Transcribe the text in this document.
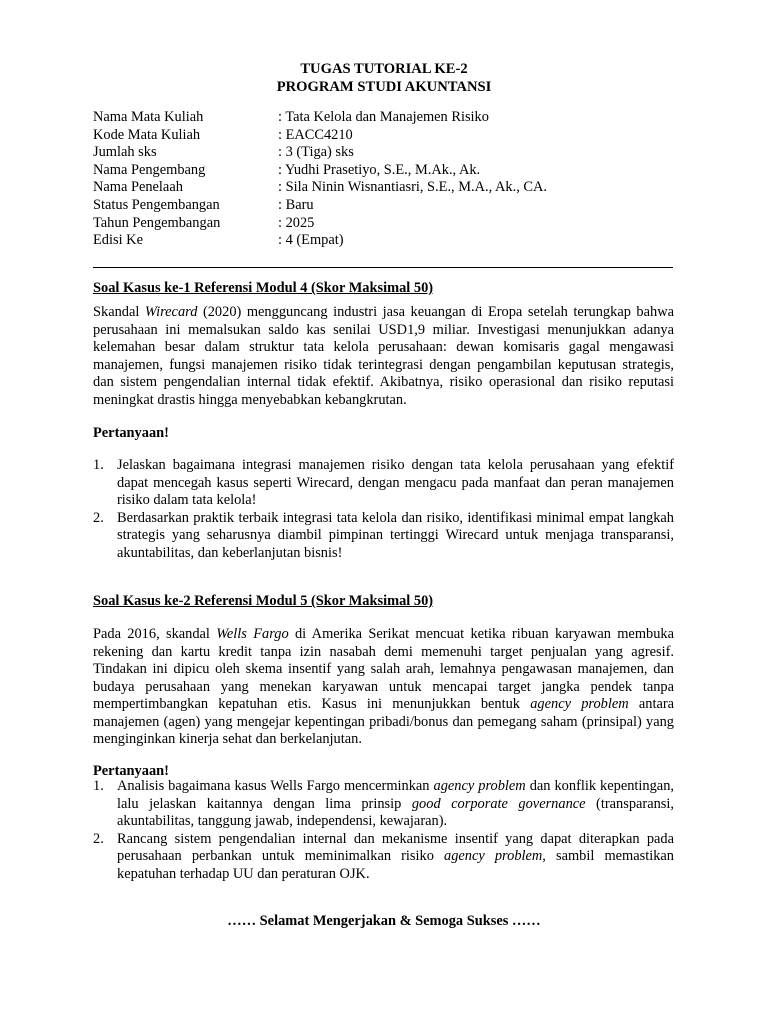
TUGAS TUTORIAL KE-2
PROGRAM STUDI AKUNTANSI
Nama Mata Kuliah	: Tata Kelola dan Manajemen Risiko
Kode Mata Kuliah	: EACC4210
Jumlah sks	: 3 (Tiga) sks
Nama Pengembang	: Yudhi Prasetiyo, S.E., M.Ak., Ak.
Nama Penelaah	: Sila Ninin Wisnantiasri, S.E., M.A., Ak., CA.
Status Pengembangan	: Baru
Tahun Pengembangan	: 2025
Edisi Ke	: 4 (Empat)
Soal Kasus ke-1 Referensi Modul 4 (Skor Maksimal 50)
Skandal Wirecard (2020) mengguncang industri jasa keuangan di Eropa setelah terungkap bahwa perusahaan ini memalsukan saldo kas senilai USD1,9 miliar. Investigasi menunjukkan adanya kelemahan besar dalam struktur tata kelola perusahaan: dewan komisaris gagal mengawasi manajemen, fungsi manajemen risiko tidak terintegrasi dengan pengambilan keputusan strategis, dan sistem pengendalian internal tidak efektif. Akibatnya, risiko operasional dan risiko reputasi meningkat drastis hingga menyebabkan kebangkrutan.
Pertanyaan!
1. Jelaskan bagaimana integrasi manajemen risiko dengan tata kelola perusahaan yang efektif dapat mencegah kasus seperti Wirecard, dengan mengacu pada manfaat dan peran manajemen risiko dalam tata kelola!
2. Berdasarkan praktik terbaik integrasi tata kelola dan risiko, identifikasi minimal empat langkah strategis yang seharusnya diambil pimpinan tertinggi Wirecard untuk menjaga transparansi, akuntabilitas, dan keberlanjutan bisnis!
Soal Kasus ke-2 Referensi Modul 5 (Skor Maksimal 50)
Pada 2016, skandal Wells Fargo di Amerika Serikat mencuat ketika ribuan karyawan membuka rekening dan kartu kredit tanpa izin nasabah demi memenuhi target penjualan yang agresif. Tindakan ini dipicu oleh skema insentif yang salah arah, lemahnya pengawasan manajemen, dan budaya perusahaan yang menekan karyawan untuk mencapai target jangka pendek tanpa mempertimbangkan kepatuhan etis. Kasus ini menunjukkan bentuk agency problem antara manajemen (agen) yang mengejar kepentingan pribadi/bonus dan pemegang saham (prinsipal) yang menginginkan kinerja sehat dan berkelanjutan.
Pertanyaan!
1. Analisis bagaimana kasus Wells Fargo mencerminkan agency problem dan konflik kepentingan, lalu jelaskan kaitannya dengan lima prinsip good corporate governance (transparansi, akuntabilitas, tanggung jawab, independensi, kewajaran).
2. Rancang sistem pengendalian internal dan mekanisme insentif yang dapat diterapkan pada perusahaan perbankan untuk meminimalkan risiko agency problem, sambil memastikan kepatuhan terhadap UU dan peraturan OJK.
…… Selamat Mengerjakan & Semoga Sukses ……
